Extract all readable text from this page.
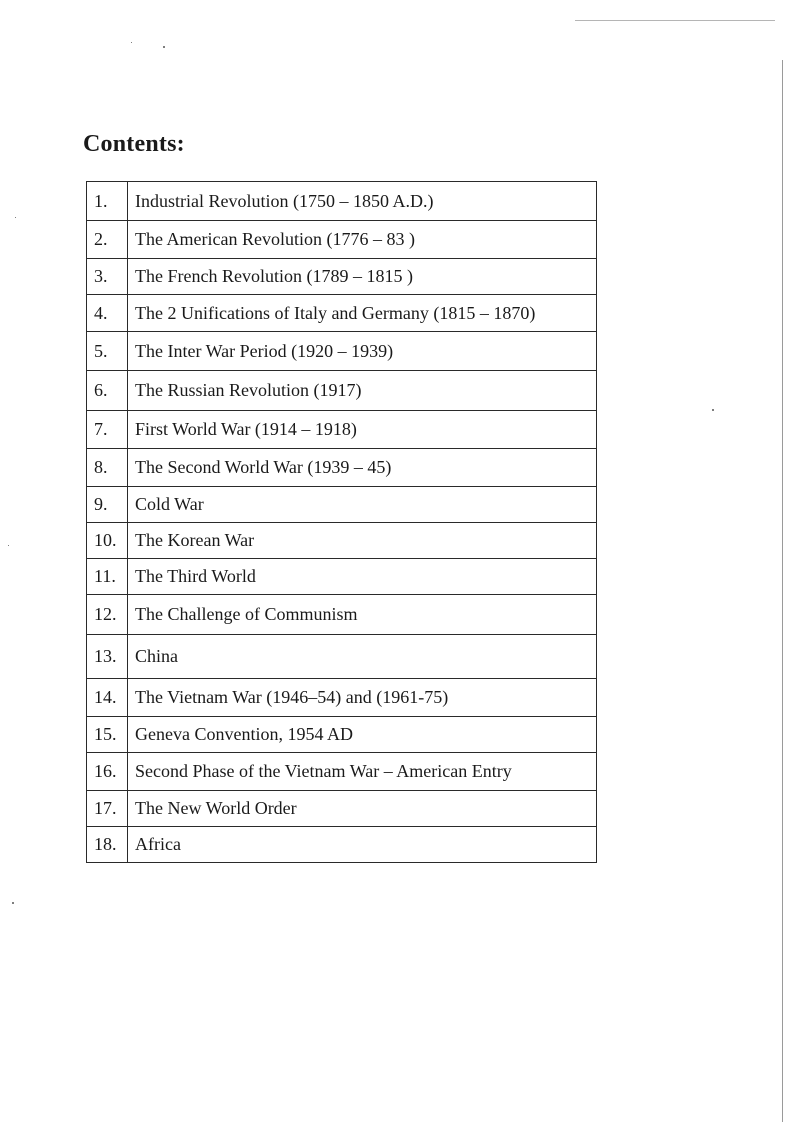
Contents:
1.	Industrial Revolution (1750 – 1850 A.D.)
2.	The American Revolution (1776 – 83 )
3.	The French Revolution (1789 – 1815 )
4.	The 2 Unifications of Italy and Germany (1815 – 1870)
5.	The Inter War Period (1920 – 1939)
6.	The Russian Revolution (1917)
7.	First World War (1914 – 1918)
8.	The Second World War (1939 – 45)
9.	Cold War
10.	The Korean War
11.	The Third World
12.	The Challenge of Communism
13.	China
14.	The Vietnam War (1946–54) and (1961-75)
15.	Geneva Convention, 1954 AD
16.	Second Phase of the Vietnam War – American Entry
17.	The New World Order
18.	Africa
